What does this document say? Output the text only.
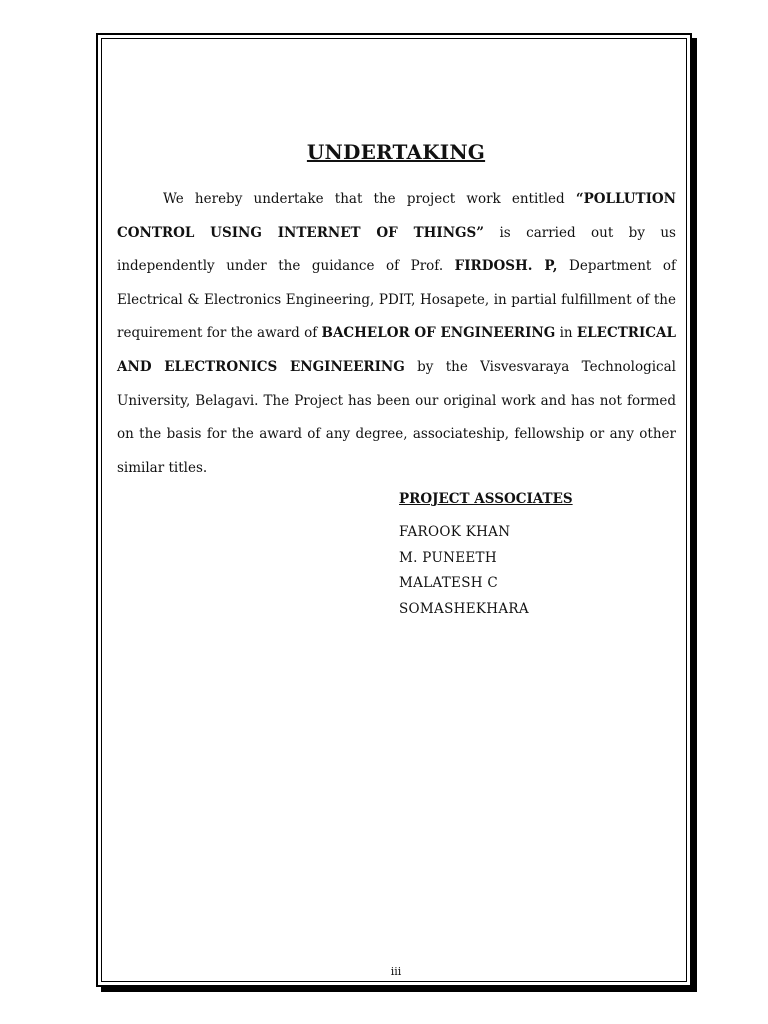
UNDERTAKING

We hereby undertake that the project work entitled “POLLUTION CONTROL USING INTERNET OF THINGS” is carried out by us independently under the guidance of Prof. FIRDOSH. P, Department of Electrical & Electronics Engineering, PDIT, Hosapete, in partial fulfillment of the requirement for the award of BACHELOR OF ENGINEERING in ELECTRICAL AND ELECTRONICS ENGINEERING by the Visvesvaraya Technological University, Belagavi. The Project has been our original work and has not formed on the basis for the award of any degree, associateship, fellowship or any other similar titles.

PROJECT ASSOCIATES
FAROOK KHAN
M. PUNEETH
MALATESH C
SOMASHEKHARA
iii
